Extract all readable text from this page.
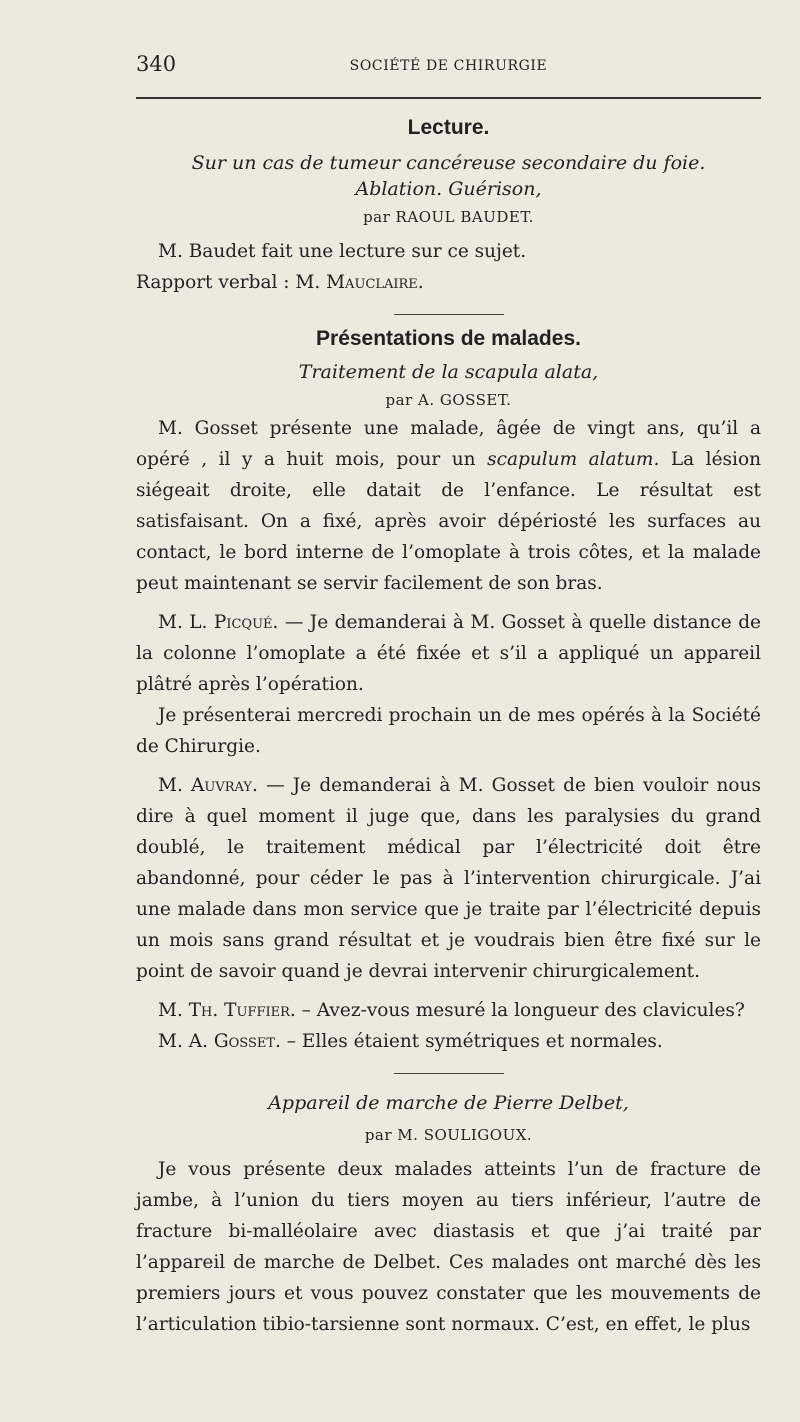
340	SOCIÉTÉ DE CHIRURGIE
Lecture.
Sur un cas de tumeur cancéreuse secondaire du foie.
Ablation. Guérison,
par RAOUL BAUDET.

M. Baudet fait une lecture sur ce sujet.

Rapport verbal : M. Mauclaire.

Présentations de malades.
Traitement de la scapula alata,
par A. GOSSET.

M. Gosset présente une malade, âgée de vingt ans, qu’il a opéré , il y a huit mois, pour un scapulum alatum. La lésion siégeait droite, elle datait de l’enfance. Le résultat est satisfaisant. On a fixé, après avoir dépériosté les surfaces au contact, le bord interne de l’omoplate à trois côtes, et la malade peut maintenant se servir facilement de son bras.

M. L. Picqué. — Je demanderai à M. Gosset à quelle distance de la colonne l’omoplate a été fixée et s’il a appliqué un appareil plâtré après l’opération.

Je présenterai mercredi prochain un de mes opérés à la Société de Chirurgie.

M. Auvray. — Je demanderai à M. Gosset de bien vouloir nous dire à quel moment il juge que, dans les paralysies du grand doublé, le traitement médical par l’électricité doit être abandonné, pour céder le pas à l’intervention chirurgicale. J’ai une malade dans mon service que je traite par l’électricité depuis un mois sans grand résultat et je voudrais bien être fixé sur le point de savoir quand je devrai intervenir chirurgicalement.

M. Th. Tuffier. – Avez-vous mesuré la longueur des clavicules?

M. A. Gosset. – Elles étaient symétriques et normales.

Appareil de marche de Pierre Delbet,
par M. SOULIGOUX.

Je vous présente deux malades atteints l’un de fracture de jambe, à l’union du tiers moyen au tiers inférieur, l’autre de fracture bi-malléolaire avec diastasis et que j’ai traité par l’appareil de marche de Delbet. Ces malades ont marché dès les premiers jours et vous pouvez constater que les mouvements de l’articulation tibio-tarsienne sont normaux. C’est, en effet, le plus
